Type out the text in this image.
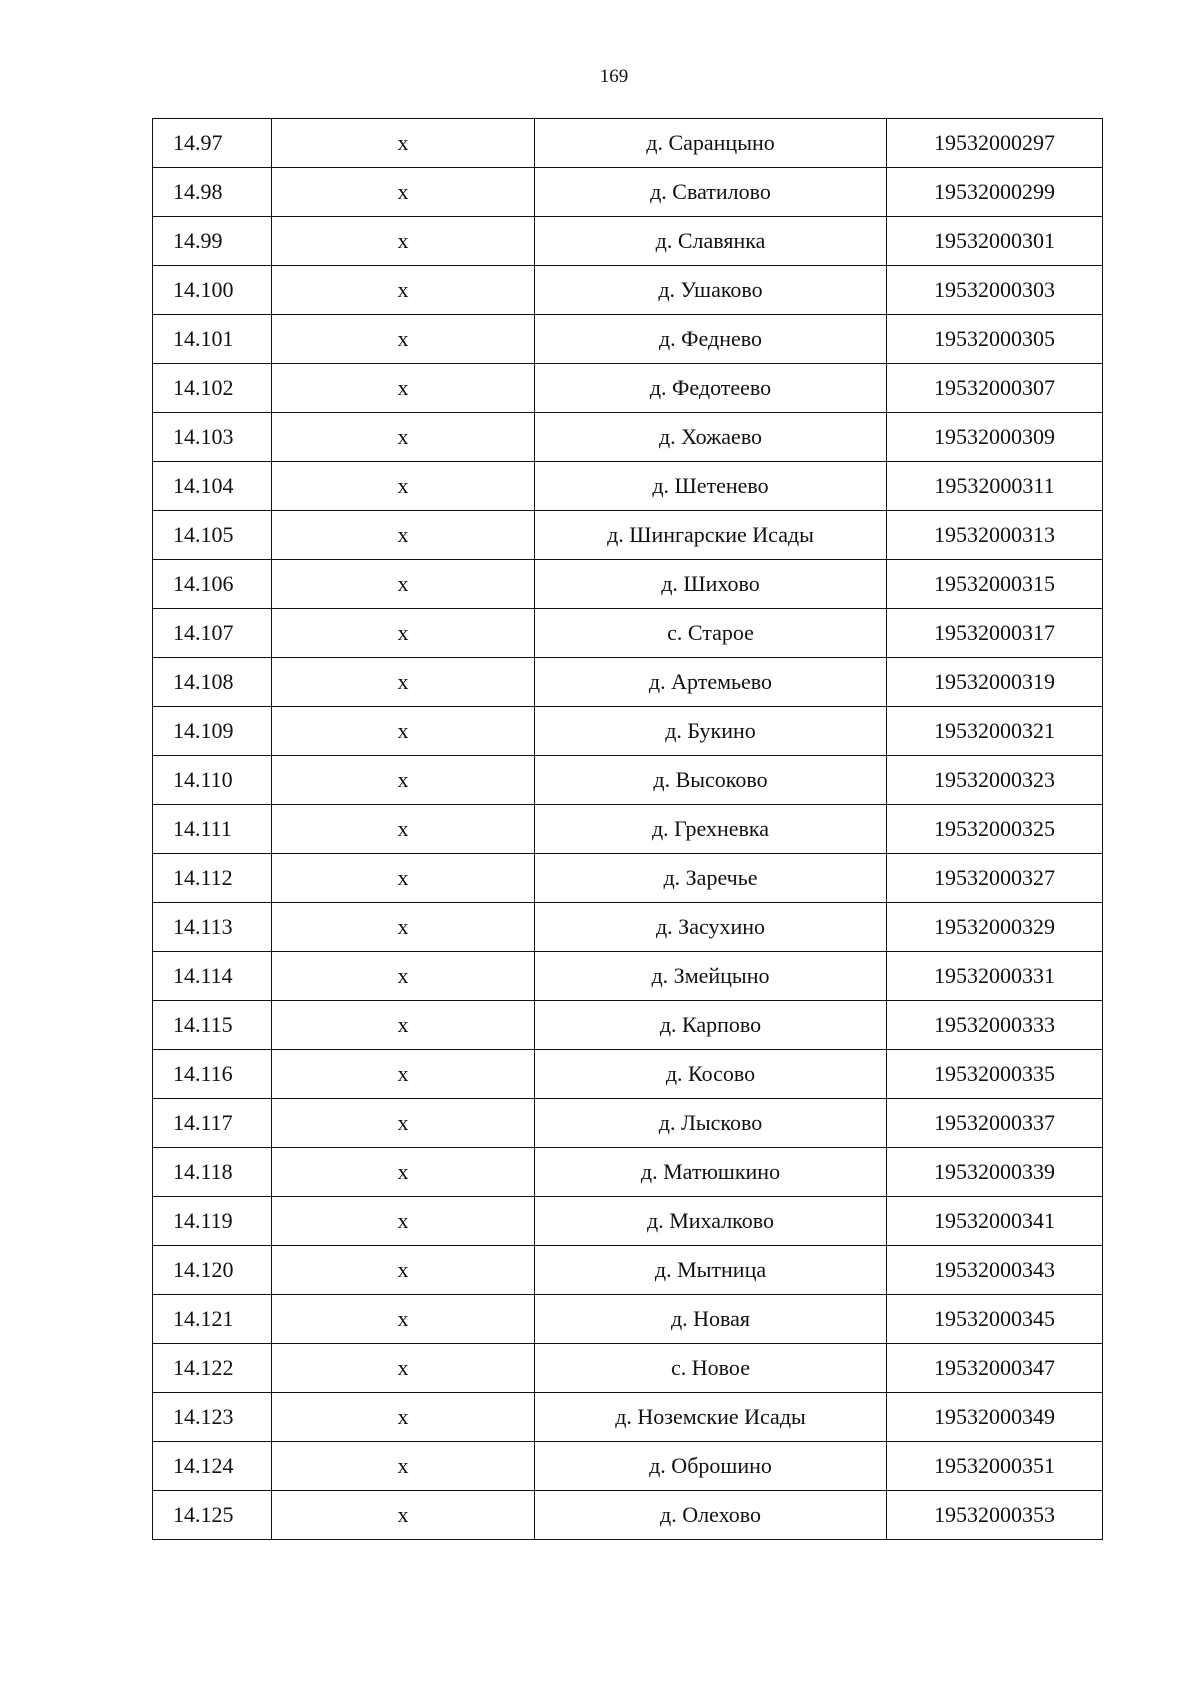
169
14.97	x	д. Саранцыно	19532000297
14.98	x	д. Сватилово	19532000299
14.99	x	д. Славянка	19532000301
14.100	x	д. Ушаково	19532000303
14.101	x	д. Феднево	19532000305
14.102	x	д. Федотеево	19532000307
14.103	x	д. Хожаево	19532000309
14.104	x	д. Шетенево	19532000311
14.105	x	д. Шингарские Исады	19532000313
14.106	x	д. Шихово	19532000315
14.107	x	с. Старое	19532000317
14.108	x	д. Артемьево	19532000319
14.109	x	д. Букино	19532000321
14.110	x	д. Высоково	19532000323
14.111	x	д. Грехневка	19532000325
14.112	x	д. Заречье	19532000327
14.113	x	д. Засухино	19532000329
14.114	x	д. Змейцыно	19532000331
14.115	x	д. Карпово	19532000333
14.116	x	д. Косово	19532000335
14.117	x	д. Лысково	19532000337
14.118	x	д. Матюшкино	19532000339
14.119	x	д. Михалково	19532000341
14.120	x	д. Мытница	19532000343
14.121	x	д. Новая	19532000345
14.122	x	с. Новое	19532000347
14.123	x	д. Ноземские Исады	19532000349
14.124	x	д. Оброшино	19532000351
14.125	x	д. Олехово	19532000353
